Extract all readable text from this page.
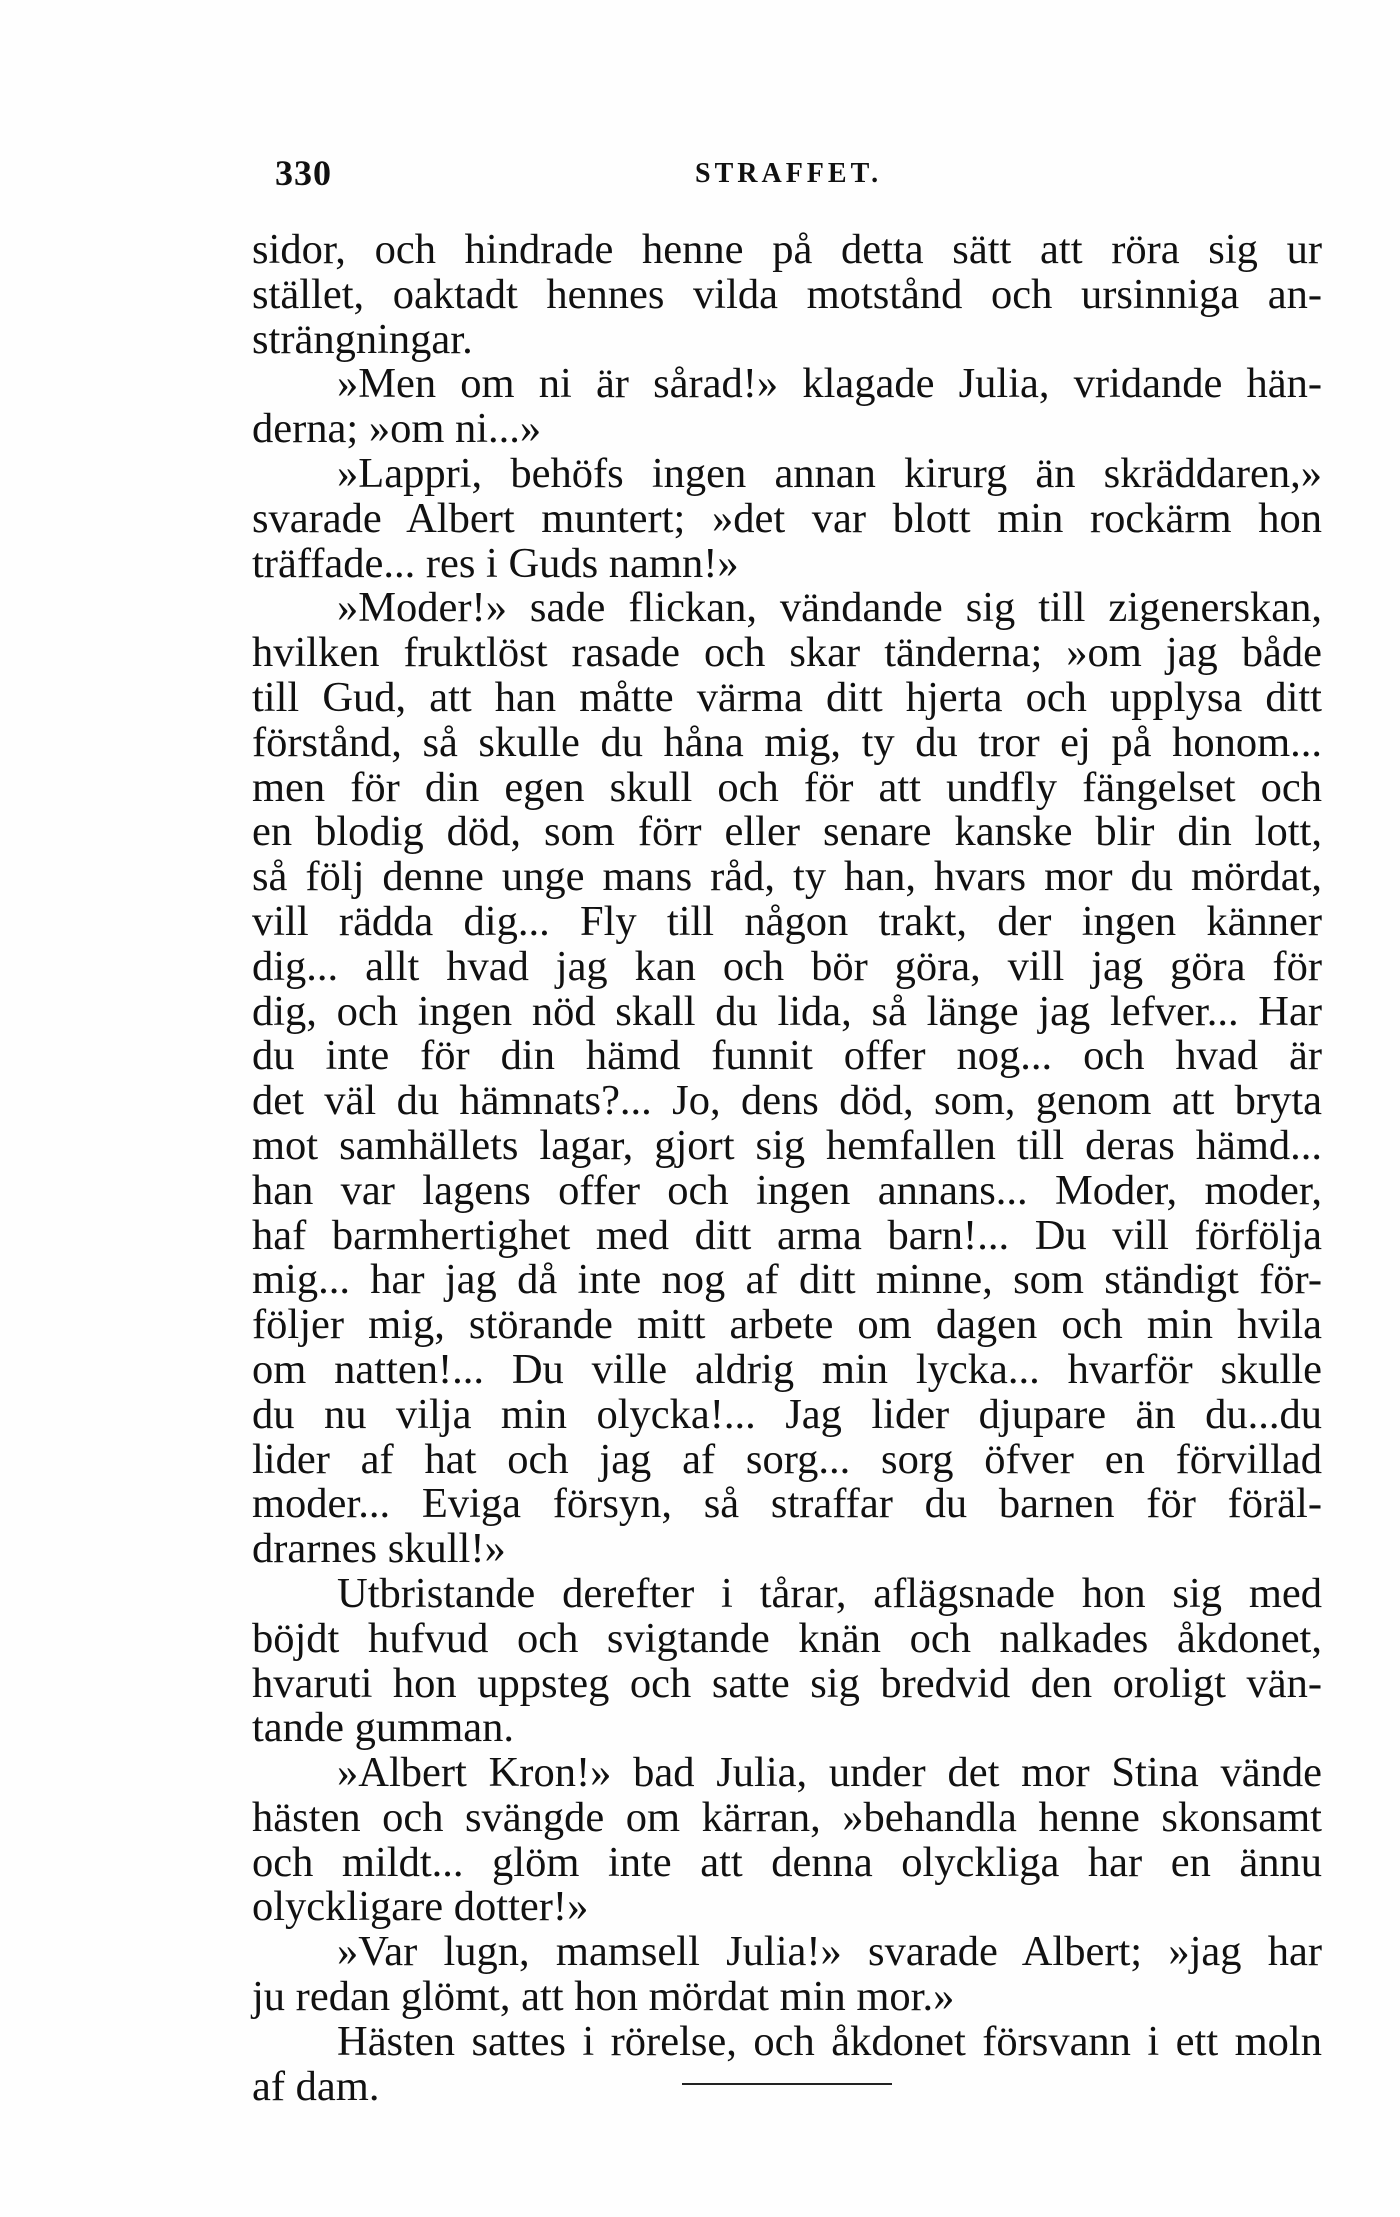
330	STRAFFET.
sidor, och hindrade henne på detta sätt att röra sig ur
stället, oaktadt hennes vilda motstånd och ursinniga an-
strängningar.
»Men om ni är sårad!» klagade Julia, vridande hän-
derna; »om ni...»
»Lappri, behöfs ingen annan kirurg än skräddaren,»
svarade Albert muntert; »det var blott min rockärm hon
träffade... res i Guds namn!»
»Moder!» sade flickan, vändande sig till zigenerskan,
hvilken fruktlöst rasade och skar tänderna; »om jag både
till Gud, att han måtte värma ditt hjerta och upplysa ditt
förstånd, så skulle du håna mig, ty du tror ej på honom...
men för din egen skull och för att undfly fängelset och
en blodig död, som förr eller senare kanske blir din lott,
så följ denne unge mans råd, ty han, hvars mor du mördat,
vill rädda dig... Fly till någon trakt, der ingen känner
dig... allt hvad jag kan och bör göra, vill jag göra för
dig, och ingen nöd skall du lida, så länge jag lefver... Har
du inte för din hämd funnit offer nog... och hvad är
det väl du hämnats?... Jo, dens död, som, genom att bryta
mot samhällets lagar, gjort sig hemfallen till deras hämd...
han var lagens offer och ingen annans... Moder, moder,
haf barmhertighet med ditt arma barn!... Du vill förfölja
mig... har jag då inte nog af ditt minne, som ständigt för-
följer mig, störande mitt arbete om dagen och min hvila
om natten!... Du ville aldrig min lycka... hvarför skulle
du nu vilja min olycka!... Jag lider djupare än du...du
lider af hat och jag af sorg... sorg öfver en förvillad
moder... Eviga försyn, så straffar du barnen för föräl-
drarnes skull!»
Utbristande derefter i tårar, aflägsnade hon sig med
böjdt hufvud och svigtande knän och nalkades åkdonet,
hvaruti hon uppsteg och satte sig bredvid den oroligt vän-
tande gumman.
»Albert Kron!» bad Julia, under det mor Stina vände
hästen och svängde om kärran, »behandla henne skonsamt
och mildt... glöm inte att denna olyckliga har en ännu
olyckligare dotter!»
»Var lugn, mamsell Julia!» svarade Albert; »jag har
ju redan glömt, att hon mördat min mor.»
Hästen sattes i rörelse, och åkdonet försvann i ett moln
af dam.
